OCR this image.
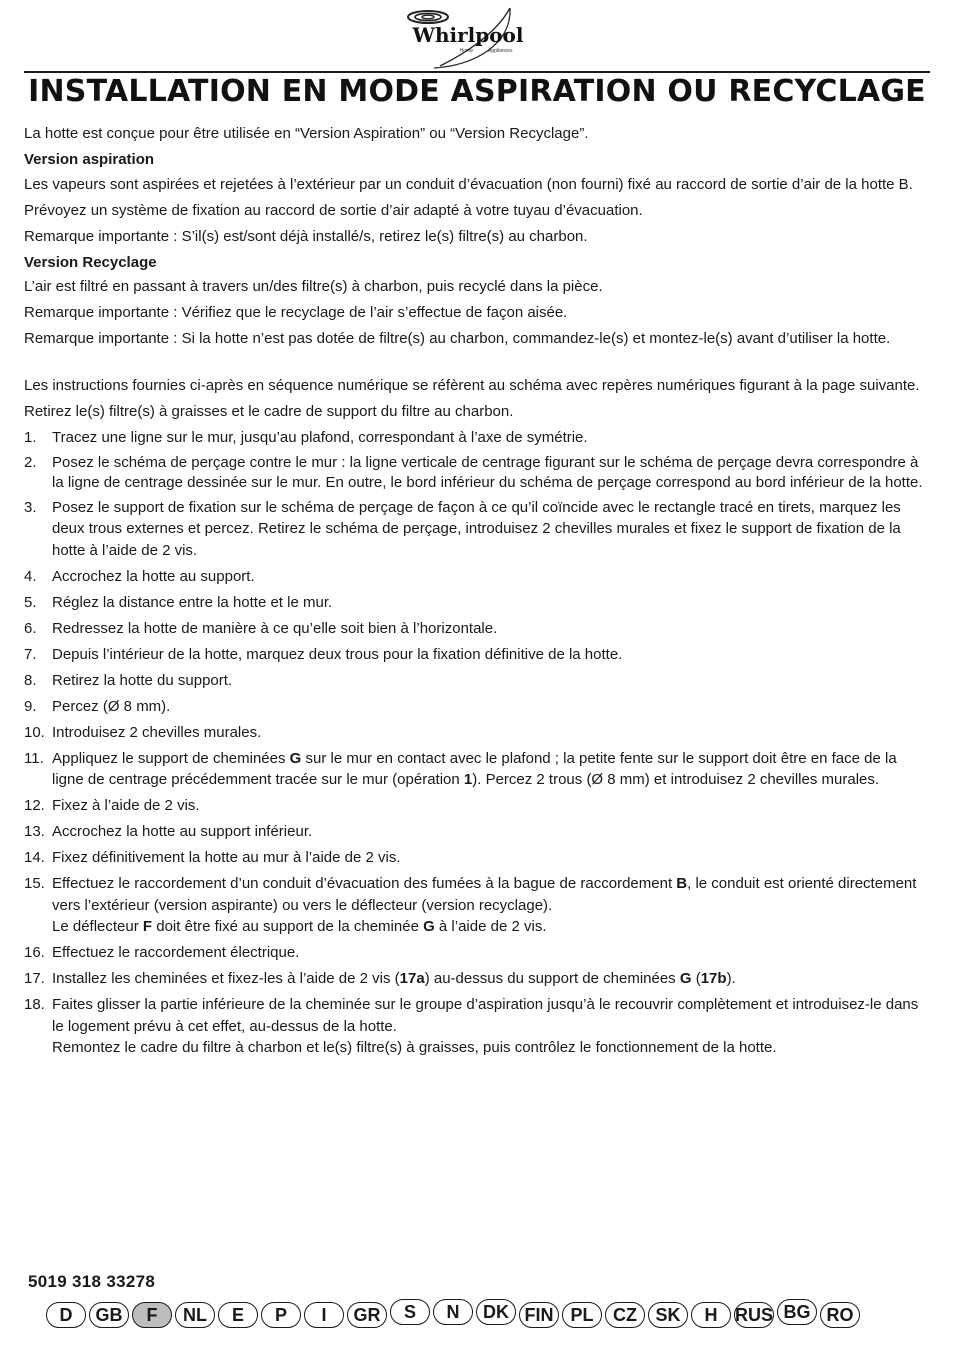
Whirlpool
Home	Appliances
INSTALLATION EN MODE ASPIRATION OU RECYCLAGE

La hotte est conçue pour être utilisée en “Version Aspiration” ou “Version Recyclage”.

Version aspiration

Les vapeurs sont aspirées et rejetées à l’extérieur par un conduit d’évacuation (non fourni) fixé au raccord de sortie d’air de la hotte B.

Prévoyez un système de fixation au raccord de sortie d’air adapté à votre tuyau d’évacuation.

Remarque importante : S’il(s) est/sont déjà installé/s, retirez le(s) filtre(s) au charbon.

Version Recyclage

L’air est filtré en passant à travers un/des filtre(s) à charbon, puis recyclé dans la pièce.

Remarque importante : Vérifiez que le recyclage de l’air s’effectue de façon aisée.

Remarque importante : Si la hotte n’est pas dotée de filtre(s) au charbon, commandez-le(s) et montez-le(s) avant d’utiliser la hotte.

Les instructions fournies ci-après en séquence numérique se réfèrent au schéma avec repères numériques figurant à la page suivante.

Retirez le(s) filtre(s) à graisses et le cadre de support du filtre au charbon.

1. Tracez une ligne sur le mur, jusqu’au plafond, correspondant à l’axe de symétrie.
2. Posez le schéma de perçage contre le mur : la ligne verticale de centrage figurant sur le schéma de perçage devra correspondre à la ligne de centrage dessinée sur le mur. En outre, le bord inférieur du schéma de perçage correspond au bord inférieur de la hotte.
3. Posez le support de fixation sur le schéma de perçage de façon à ce qu’il coïncide avec le rectangle tracé en tirets, marquez les deux trous externes et percez. Retirez le schéma de perçage, introduisez 2 chevilles murales et fixez le support de fixation de la hotte à l’aide de 2 vis.
4. Accrochez la hotte au support.
5. Réglez la distance entre la hotte et le mur.
6. Redressez la hotte de manière à ce qu’elle soit bien à l’horizontale.
7. Depuis l’intérieur de la hotte, marquez deux trous pour la fixation définitive de la hotte.
8. Retirez la hotte du support.
9. Percez (Ø 8 mm).
10. Introduisez 2 chevilles murales.
11. Appliquez le support de cheminées G sur le mur en contact avec le plafond ; la petite fente sur le support doit être en face de la ligne de centrage précédemment tracée sur le mur (opération 1). Percez 2 trous (Ø 8 mm) et introduisez 2 chevilles murales.
12. Fixez à l’aide de 2 vis.
13. Accrochez la hotte au support inférieur.
14. Fixez définitivement la hotte au mur à l’aide de 2 vis.
15. Effectuez le raccordement d’un conduit d’évacuation des fumées à la bague de raccordement B, le conduit est orienté directement vers l’extérieur (version aspirante) ou vers le déflecteur (version recyclage).
Le déflecteur F doit être fixé au support de la cheminée G à l’aide de 2 vis.
16. Effectuez le raccordement électrique.
17. Installez les cheminées et fixez-les à l’aide de 2 vis (17a) au-dessus du support de cheminées G (17b).
18. Faites glisser la partie inférieure de la cheminée sur le groupe d’aspiration jusqu’à le recouvrir complètement et introduisez-le dans le logement prévu à cet effet, au-dessus de la hotte.
Remontez le cadre du filtre à charbon et le(s) filtre(s) à graisses, puis contrôlez le fonctionnement de la hotte.
5019 318 33278
D	GB	F	NL	E	P	I	GR	S	N	DK FIN PL	CZ	SK	H RUS BG RO
